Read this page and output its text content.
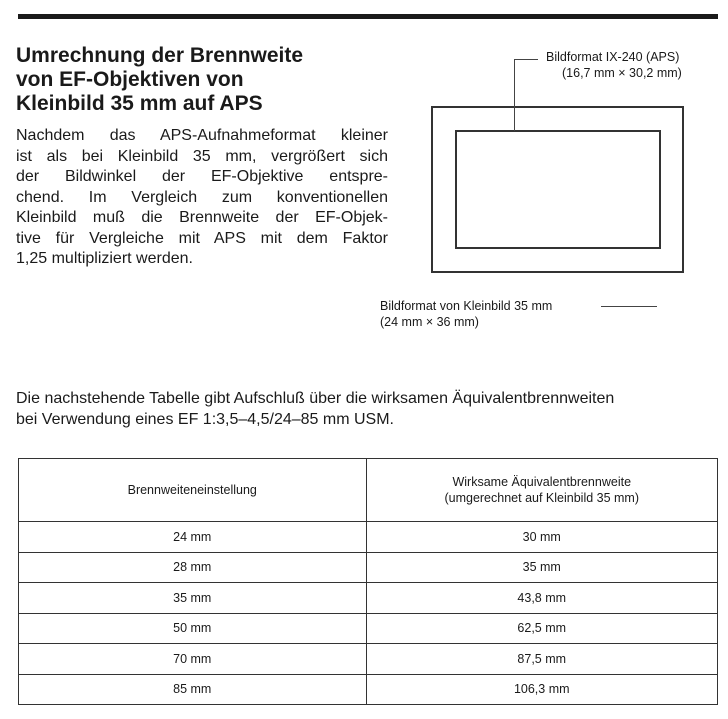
Umrechnung der Brennweite
von EF-Objektiven von
Kleinbild 35 mm auf APS

Nachdem das APS-Aufnahmeformat kleiner
ist als bei Kleinbild 35 mm, vergrößert sich
der Bildwinkel der EF-Objektive entspre-
chend. Im Vergleich zum konventionellen
Kleinbild muß die Brennweite der EF-Objek-
tive für Vergleiche mit APS mit dem Faktor
1,25 multipliziert werden.

Bildformat IX-240 (APS)
(16,7 mm × 30,2 mm)
Bildformat von Kleinbild 35 mm
(24 mm × 36 mm)

Die nachstehende Tabelle gibt Aufschluß über die wirksamen Äquivalentbrennweiten
bei Verwendung eines EF 1:3,5–4,5/24–85 mm USM.

Brennweiteneinstellung	Wirksame Äquivalentbrennweite
(umgerechnet auf Kleinbild 35 mm)

24 mm	30 mm
28 mm	35 mm
35 mm	43,8 mm
50 mm	62,5 mm
70 mm	87,5 mm
85 mm	106,3 mm
